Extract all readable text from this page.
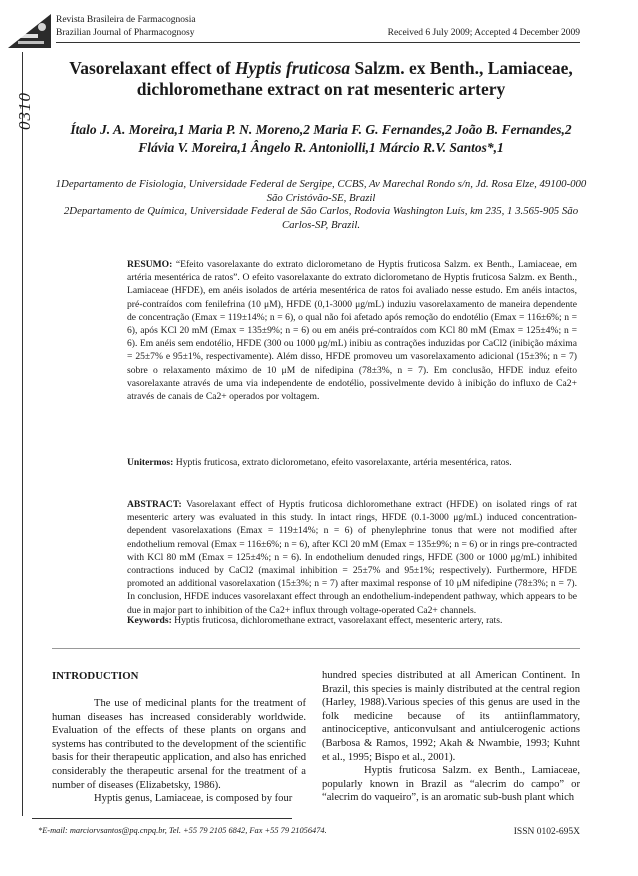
Revista Brasileira de Farmacognosia
Brazilian Journal of Pharmacognosy	Received 6 July 2009; Accepted 4 December 2009
0310
Vasorelaxant effect of Hyptis fruticosa Salzm. ex Benth., Lamiaceae, dichloromethane extract on rat mesenteric artery
Ítalo J. A. Moreira,1 Maria P. N. Moreno,2 Maria F. G. Fernandes,2 João B. Fernandes,2
Flávia V. Moreira,1 Ângelo R. Antoniolli,1 Márcio R.V. Santos*,1
1Departamento de Fisiologia, Universidade Federal de Sergipe, CCBS, Av Marechal Rondo s/n, Jd. Rosa Elze, 49100-000 São Cristóvão-SE, Brazil
2Departamento de Química, Universidade Federal de São Carlos, Rodovia Washington Luís, km 235, 1 3.565-905 São Carlos-SP, Brazil.
RESUMO: “Efeito vasorelaxante do extrato diclorometano de Hyptis fruticosa Salzm. ex Benth., Lamiaceae, em artéria mesentérica de ratos”. O efeito vasorelaxante do extrato diclorometano de Hyptis fruticosa Salzm. ex Benth., Lamiaceae (HFDE), em anéis isolados de artéria mesentérica de ratos foi avaliado nesse estudo. Em anéis intactos, pré-contraídos com fenilefrina (10 μM), HFDE (0,1-3000 μg/mL) induziu vasorelaxamento de maneira dependente de concentração (Emax = 119±14%; n = 6), o qual não foi afetado após remoção do endotélio (Emax = 116±6%; n = 6), após KCl 20 mM (Emax = 135±9%; n = 6) ou em anéis pré-contraídos com KCl 80 mM (Emax = 125±4%; n = 6). Em anéis sem endotélio, HFDE (300 ou 1000 μg/mL) inibiu as contrações induzidas por CaCl2 (inibição máxima = 25±7% e 95±1%, respectivamente). Além disso, HFDE promoveu um vasorelaxamento adicional (15±3%; n = 7) sobre o relaxamento máximo de 10 μM de nifedipina (78±3%, n = 7). Em conclusão, HFDE induz efeito vasorelaxante através de uma via independente de endotélio, possivelmente devido à inibição do influxo de Ca2+ através de canais de Ca2+ operados por voltagem.
Unitermos: Hyptis fruticosa, extrato diclorometano, efeito vasorelaxante, artéria mesentérica, ratos.
ABSTRACT: Vasorelaxant effect of Hyptis fruticosa dichloromethane extract (HFDE) on isolated rings of rat mesenteric artery was evaluated in this study. In intact rings, HFDE (0.1-3000 μg/mL) induced concentration-dependent vasorelaxations (Emax = 119±14%; n = 6) of phenylephrine tonus that were not modified after endothelium removal (Emax = 116±6%; n = 6), after KCl 20 mM (Emax = 135±9%; n = 6) or in rings pre-contracted with KCl 80 mM (Emax = 125±4%; n = 6). In endothelium denuded rings, HFDE (300 or 1000 μg/mL) inhibited contractions induced by CaCl2 (maximal inhibition = 25±7% and 95±1%; respectively). Furthermore, HFDE promoted an additional vasorelaxation (15±3%; n = 7) after maximal response of 10 μM nifedipine (78±3%; n = 7). In conclusion, HFDE induces vasorelaxant effect through an endothelium-independent pathway, which appears to be due in major part to inhibition of the Ca2+ influx through voltage-operated Ca2+ channels.
Keywords: Hyptis fruticosa, dichloromethane extract, vasorelaxant effect, mesenteric artery, rats.
INTRODUCTION
The use of medicinal plants for the treatment of human diseases has increased considerably worldwide. Evaluation of the effects of these plants on organs and systems has contributed to the development of the scientific basis for their therapeutic application, and also has enriched considerably the therapeutic arsenal for the treatment of a number of diseases (Elizabetsky, 1986).
Hyptis genus, Lamiaceae, is composed by four
hundred species distributed at all American Continent. In Brazil, this species is mainly distributed at the central region (Harley, 1988).Various species of this genus are used in the folk medicine because of its antiinflammatory, antinociceptive, anticonvulsant and antiulcerogenic actions (Barbosa & Ramos, 1992; Akah & Nwambie, 1993; Kuhnt et al., 1995; Bispo et al., 2001).
Hyptis fruticosa Salzm. ex Benth., Lamiaceae, popularly known in Brazil as “alecrim do campo” or “alecrim do vaqueiro”, is an aromatic sub-bush plant which
*E-mail: marciorvsantos@pq.cnpq.br, Tel. +55 79 2105 6842, Fax +55 79 21056474.	ISSN 0102-695X
